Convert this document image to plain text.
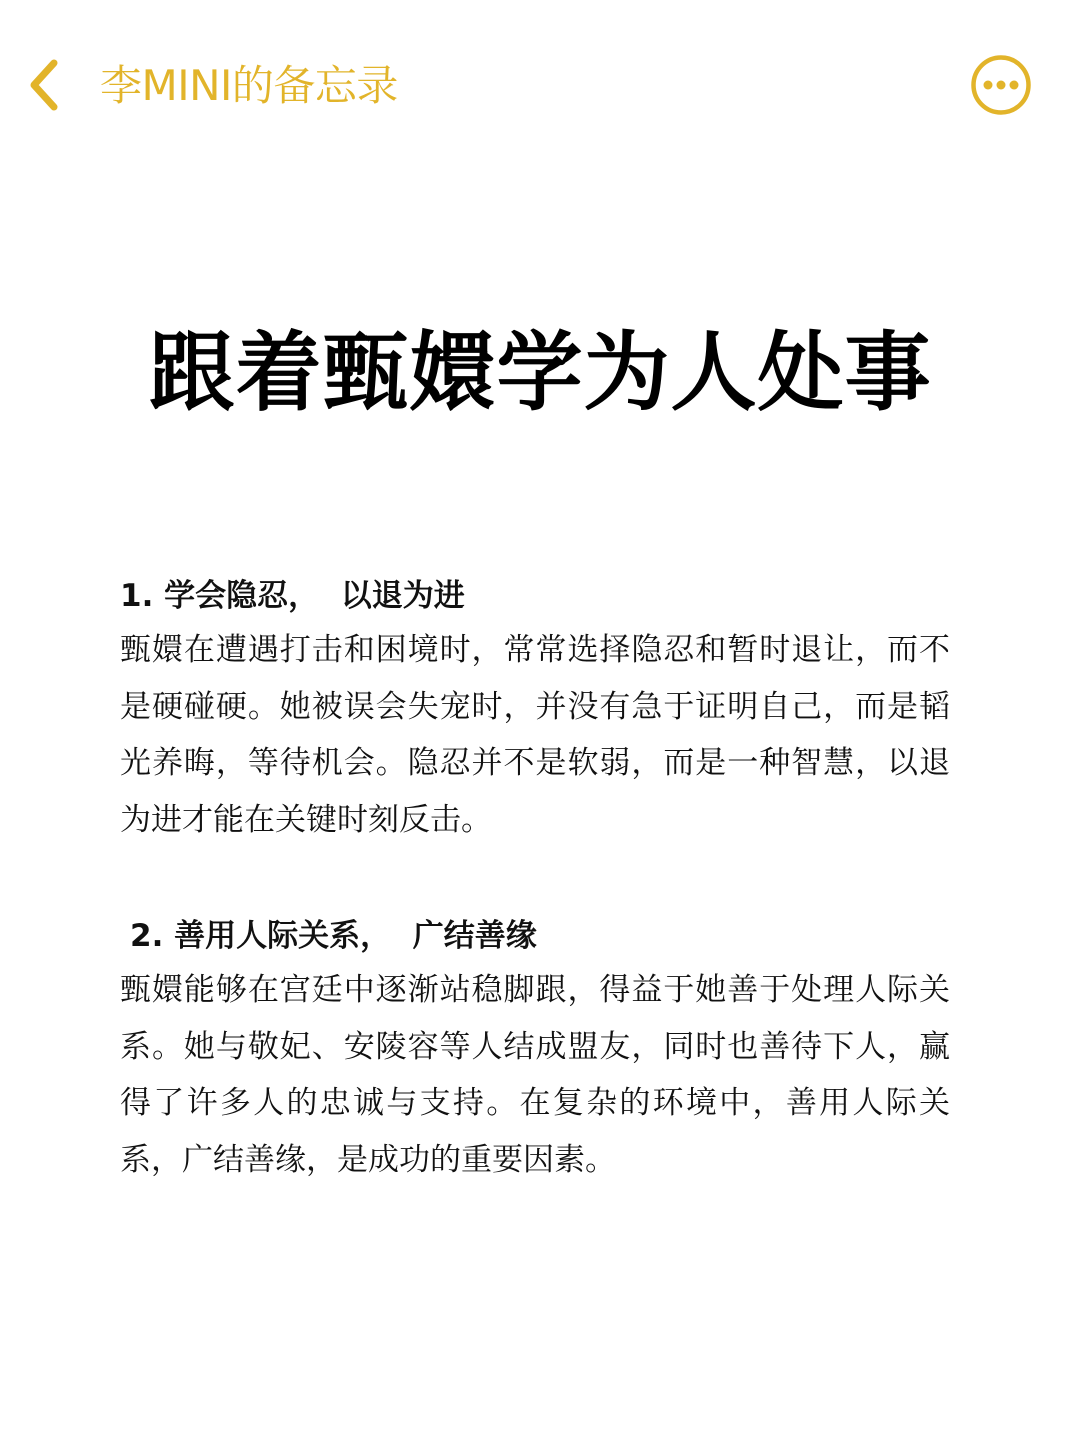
李MINI的备忘录
跟着甄嬛学为人处事
1. 学会隐忍，  以退为进
甄嬛在遭遇打击和困境时，常常选择隐忍和暂时退让，而不是硬碰硬。她被误会失宠时，并没有急于证明自己，而是韬光养晦，等待机会。隐忍并不是软弱，而是一种智慧，以退为进才能在关键时刻反击。
2. 善用人际关系，  广结善缘
甄嬛能够在宫廷中逐渐站稳脚跟，得益于她善于处理人际关系。她与敬妃、安陵容等人结成盟友，同时也善待下人，赢得了许多人的忠诚与支持。在复杂的环境中，善用人际关系，广结善缘，是成功的重要因素。
